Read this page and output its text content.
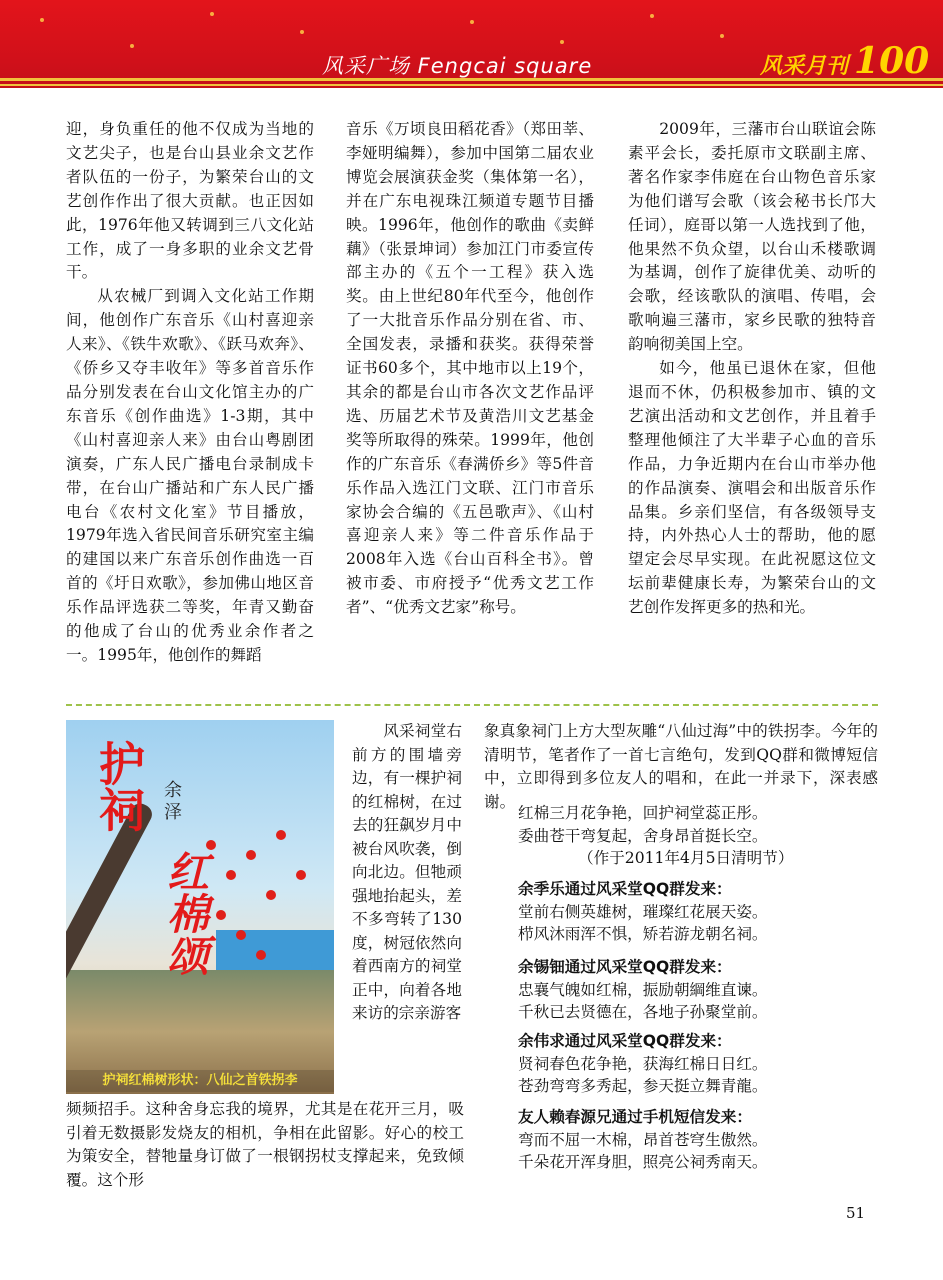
风采广场 Fengcai square	风采月刊 100

迎，身负重任的他不仅成为当地的文艺尖子，也是台山县业余文艺作者队伍的一份子，为繁荣台山的文艺创作作出了很大贡献。也正因如此，1976年他又转调到三八文化站工作，成了一身多职的业余文艺骨干。

从农械厂到调入文化站工作期间，他创作广东音乐《山村喜迎亲人来》、《铁牛欢歌》、《跃马欢奔》、《侨乡又夺丰收年》等多首音乐作品分别发表在台山文化馆主办的广东音乐《创作曲选》1-3期，其中《山村喜迎亲人来》由台山粤剧团演奏，广东人民广播电台录制成卡带，在台山广播站和广东人民广播电台《农村文化室》节目播放，1979年选入省民间音乐研究室主编的建国以来广东音乐创作曲选一百首的《圩日欢歌》，参加佛山地区音乐作品评选获二等奖，年青又勤奋的他成了台山的优秀业余作者之一。1995年，他创作的舞蹈

音乐《万顷良田稻花香》（郑田莘、李娅明编舞），参加中国第二届农业博览会展演获金奖（集体第一名），并在广东电视珠江频道专题节目播映。1996年，他创作的歌曲《卖鲜藕》（张景坤词）参加江门市委宣传部主办的《五个一工程》获入选奖。由上世纪80年代至今，他创作了一大批音乐作品分别在省、市、全国发表，录播和获奖。获得荣誉证书60多个，其中地市以上19个，其余的都是台山市各次文艺作品评选、历届艺术节及黄浩川文艺基金奖等所取得的殊荣。1999年，他创作的广东音乐《春满侨乡》等5件音乐作品入选江门文联、江门市音乐家协会合编的《五邑歌声》、《山村喜迎亲人来》等二件音乐作品于2008年入选《台山百科全书》。曾被市委、市府授予“优秀文艺工作者”、“优秀文艺家”称号。

2009年，三藩市台山联谊会陈素平会长，委托原市文联副主席、著名作家李伟庭在台山物色音乐家为他们谱写会歌（该会秘书长邝大任词），庭哥以第一人选找到了他，他果然不负众望，以台山禾楼歌调为基调，创作了旋律优美、动听的会歌，经该歌队的演唱、传唱，会歌响遍三藩市，家乡民歌的独特音韵响彻美国上空。

如今，他虽已退休在家，但他退而不休，仍积极参加市、镇的文艺演出活动和文艺创作，并且着手整理他倾注了大半辈子心血的音乐作品，力争近期内在台山市举办他的作品演奏、演唱会和出版音乐作品集。乡亲们坚信，有各级领导支持，内外热心人士的帮助，他的愿望定会尽早实现。在此祝愿这位文坛前辈健康长寿，为繁荣台山的文艺创作发挥更多的热和光。

护祠 余泽
红棉颂
护祠红棉树形状：八仙之首铁拐李

风采祠堂右前方的围墙旁边，有一棵护祠的红棉树，在过去的狂飙岁月中被台风吹袭，倒向北边。但牠顽强地抬起头，差不多弯转了130度，树冠依然向着西南方的祠堂正中，向着各地来访的宗亲游客

频频招手。这种舍身忘我的境界，尤其是在花开三月，吸引着无数摄影发烧友的相机，争相在此留影。好心的校工为策安全，替牠量身订做了一根钢拐杖支撑起来，免致倾覆。这个形

象真象祠门上方大型灰雕“八仙过海”中的铁拐李。今年的清明节，笔者作了一首七言绝句，发到QQ群和微博短信中，立即得到多位友人的唱和，在此一并录下，深表感谢。

红棉三月花争艳，回护祠堂蕊正彤。
委曲苍干弯复起，舍身昂首挺长空。
（作于2011年4月5日清明节）
余季乐通过风采堂QQ群发来：
堂前右侧英雄树，璀璨红花展天姿。
栉风沐雨浑不惧，矫若游龙朝名祠。
余锡钿通过风采堂QQ群发来：
忠襄气魄如红棉，振励朝綱维直谏。
千秋已去贤德在，各地子孙聚堂前。
余伟求通过风采堂QQ群发来：
贤祠春色花争艳，获海红棉日日红。
苍劲弯弯多秀起，参天挺立舞青龍。
友人赖春源兄通过手机短信发来：
弯而不屈一木棉，昂首苍穹生傲然。
千朵花开浑身胆，照亮公祠秀南天。
51
